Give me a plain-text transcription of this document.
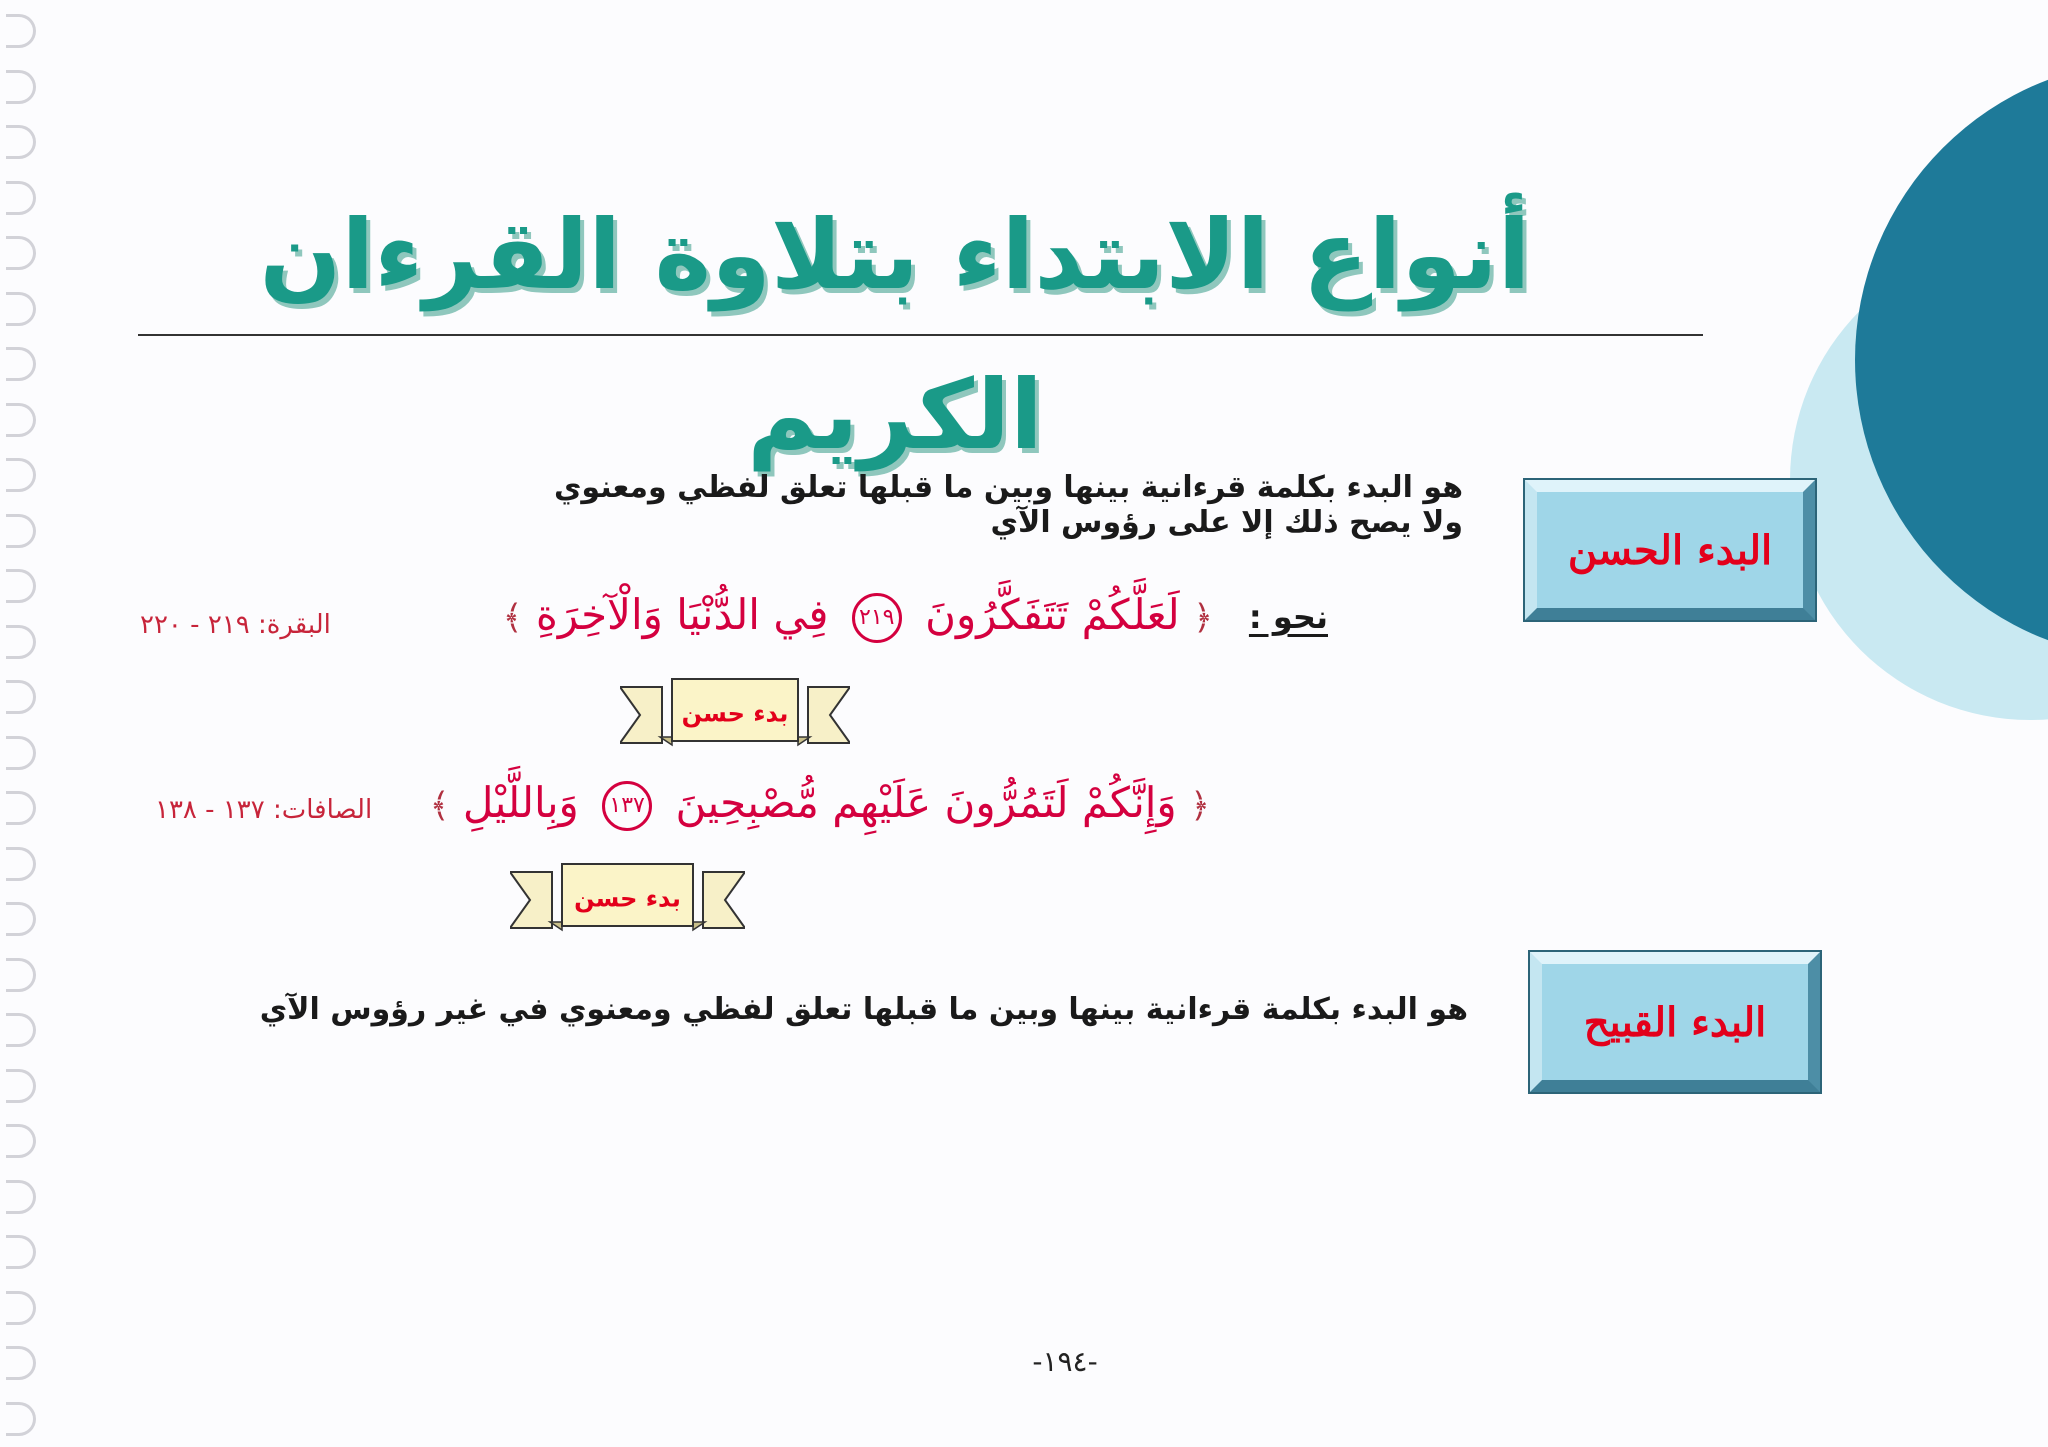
أنواع الابتداء بتلاوة القرءان الكريم
البدء الحسن

هو البدء بكلمة قرءانية بينها وبين ما قبلها تعلق لفظي ومعنوي

ولا يصح ذلك إلا على رؤوس الآي

نحو :
﴿ لَعَلَّكُمْ تَتَفَكَّرُونَ ٢١٩ فِي الدُّنْيَا وَالْآخِرَةِ ﴾
البقرة: ٢١٩ - ٢٢٠
بدء حسن
﴿ وَإِنَّكُمْ لَتَمُرُّونَ عَلَيْهِم مُّصْبِحِينَ ١٣٧ وَبِاللَّيْلِ ﴾
الصافات: ١٣٧ - ١٣٨
بدء حسن
البدء القبيح

هو البدء بكلمة قرءانية بينها وبين ما قبلها تعلق لفظي ومعنوي في غير رؤوس الآي

-١٩٤-
